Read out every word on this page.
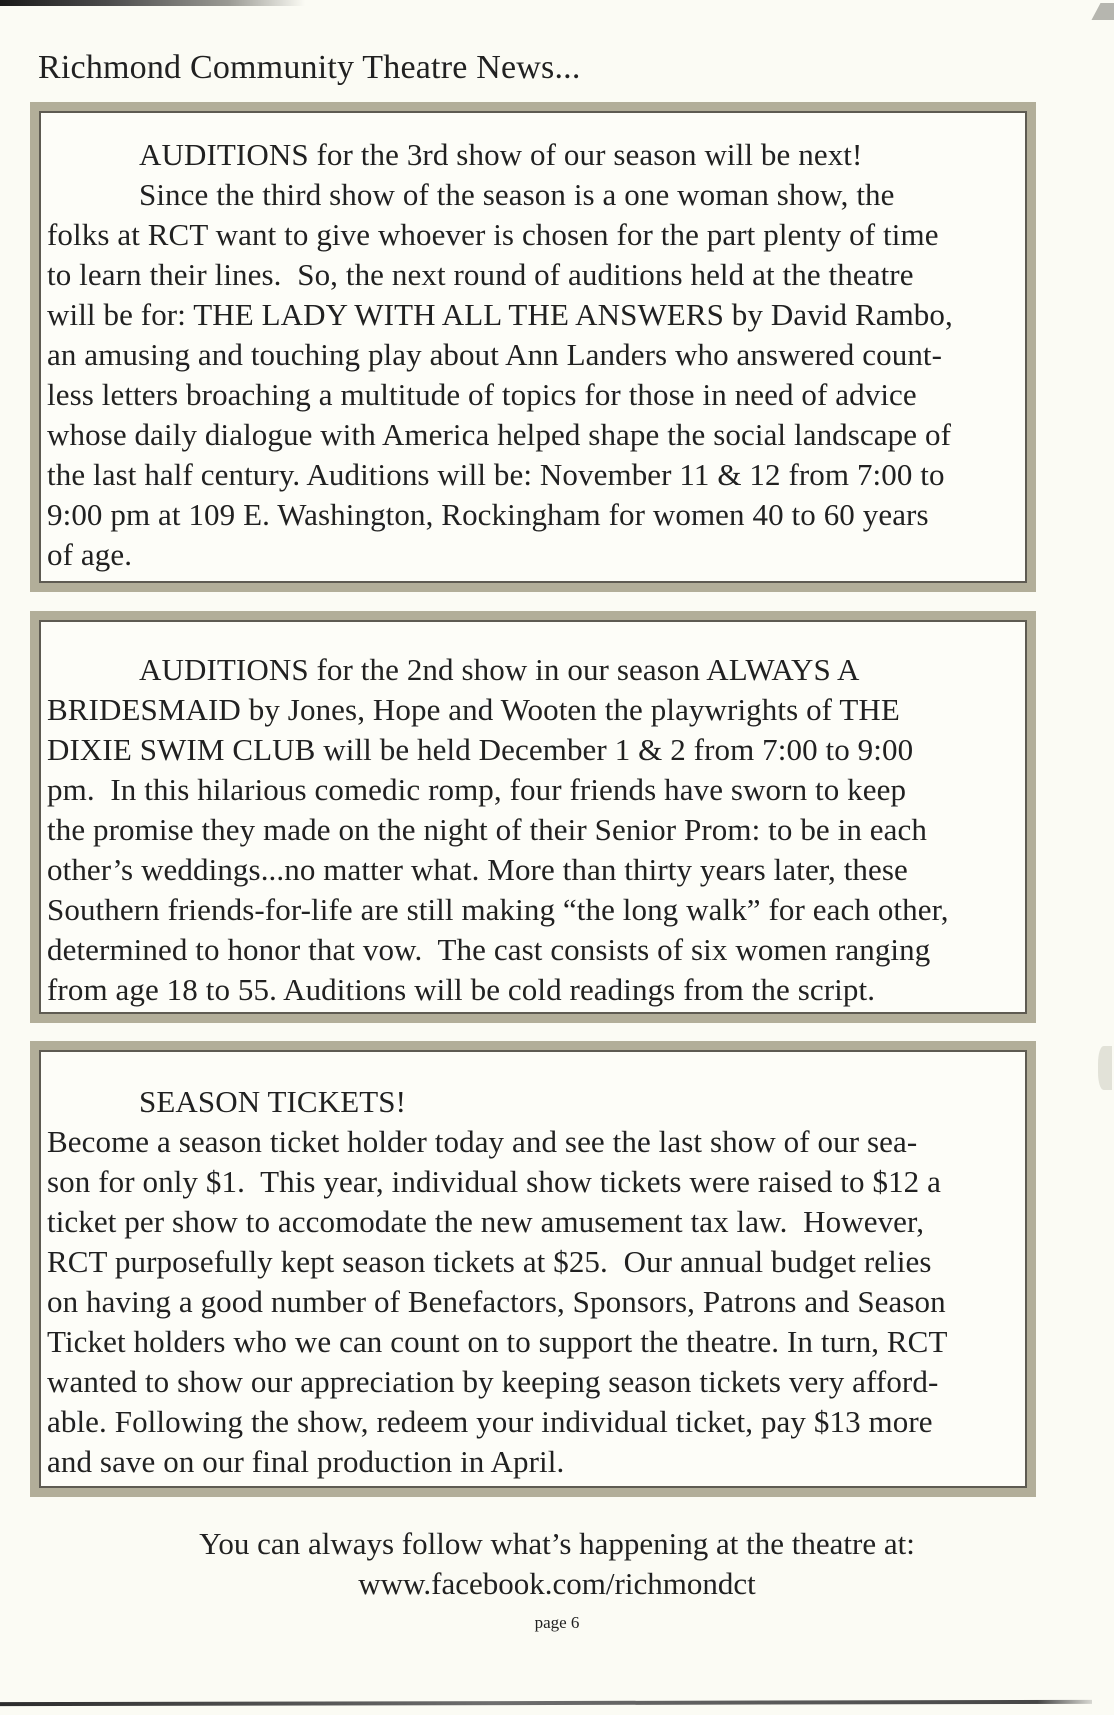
Richmond Community Theatre News...
AUDITIONS for the 3rd show of our season will be next!
Since the third show of the season is a one woman show, the
folks at RCT want to give whoever is chosen for the part plenty of time
to learn their lines.  So, the next round of auditions held at the theatre
will be for: THE LADY WITH ALL THE ANSWERS by David Rambo,
an amusing and touching play about Ann Landers who answered count-
less letters broaching a multitude of topics for those in need of advice
whose daily dialogue with America helped shape the social landscape of
the last half century. Auditions will be: November 11 & 12 from 7:00 to
9:00 pm at 109 E. Washington, Rockingham for women 40 to 60 years
of age.
AUDITIONS for the 2nd show in our season ALWAYS A
BRIDESMAID by Jones, Hope and Wooten the playwrights of THE
DIXIE SWIM CLUB will be held December 1 & 2 from 7:00 to 9:00
pm.  In this hilarious comedic romp, four friends have sworn to keep
the promise they made on the night of their Senior Prom: to be in each
other’s weddings...no matter what. More than thirty years later, these
Southern friends-for-life are still making “the long walk” for each other,
determined to honor that vow.  The cast consists of six women ranging
from age 18 to 55. Auditions will be cold readings from the script.
SEASON TICKETS!
Become a season ticket holder today and see the last show of our sea-
son for only $1.  This year, individual show tickets were raised to $12 a
ticket per show to accomodate the new amusement tax law.  However,
RCT purposefully kept season tickets at $25.  Our annual budget relies
on having a good number of Benefactors, Sponsors, Patrons and Season
Ticket holders who we can count on to support the theatre. In turn, RCT
wanted to show our appreciation by keeping season tickets very afford-
able. Following the show, redeem your individual ticket, pay $13 more
and save on our final production in April.
You can always follow what’s happening at the theatre at:
www.facebook.com/richmondct
page 6
